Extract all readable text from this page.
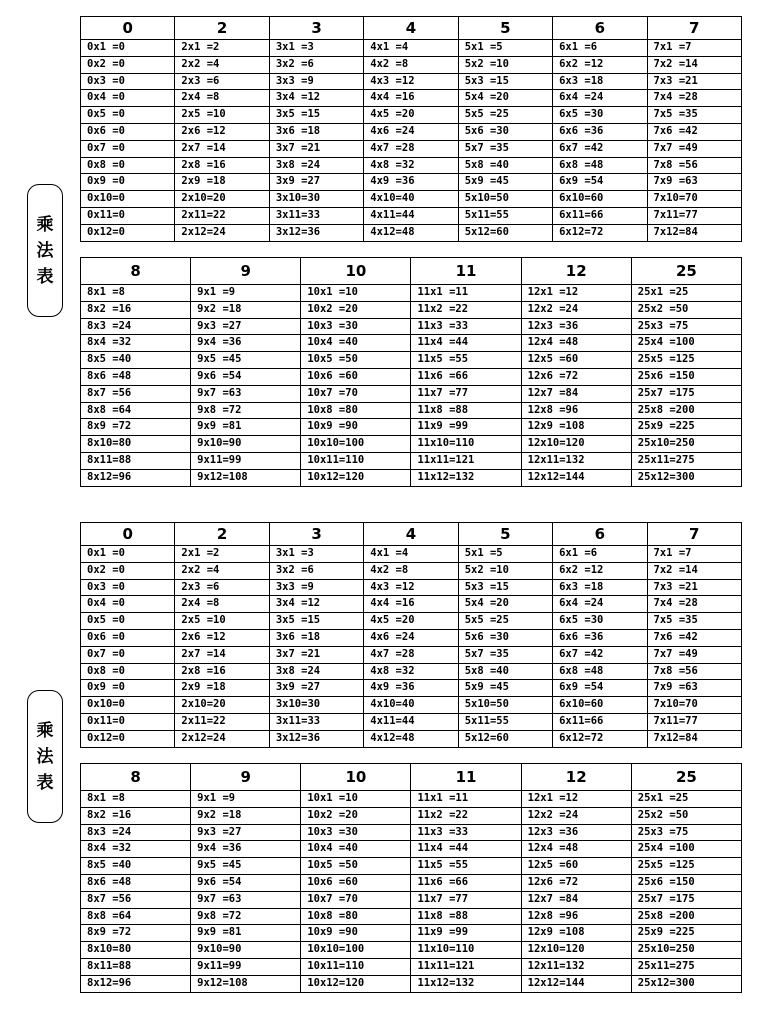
乘
法
表
0	2	3	4	5	6	7
0x1 =0	2x1 =2	3x1 =3	4x1 =4	5x1 =5	6x1 =6	7x1 =7
0x2 =0	2x2 =4	3x2 =6	4x2 =8	5x2 =10	6x2 =12	7x2 =14
0x3 =0	2x3 =6	3x3 =9	4x3 =12	5x3 =15	6x3 =18	7x3 =21
0x4 =0	2x4 =8	3x4 =12	4x4 =16	5x4 =20	6x4 =24	7x4 =28
0x5 =0	2x5 =10	3x5 =15	4x5 =20	5x5 =25	6x5 =30	7x5 =35
0x6 =0	2x6 =12	3x6 =18	4x6 =24	5x6 =30	6x6 =36	7x6 =42
0x7 =0	2x7 =14	3x7 =21	4x7 =28	5x7 =35	6x7 =42	7x7 =49
0x8 =0	2x8 =16	3x8 =24	4x8 =32	5x8 =40	6x8 =48	7x8 =56
0x9 =0	2x9 =18	3x9 =27	4x9 =36	5x9 =45	6x9 =54	7x9 =63
0x10=0	2x10=20	3x10=30	4x10=40	5x10=50	6x10=60	7x10=70
0x11=0	2x11=22	3x11=33	4x11=44	5x11=55	6x11=66	7x11=77
0x12=0	2x12=24	3x12=36	4x12=48	5x12=60	6x12=72	7x12=84
8	9	10	11	12	25
8x1 =8	9x1 =9	10x1 =10	11x1 =11	12x1 =12	25x1 =25
8x2 =16	9x2 =18	10x2 =20	11x2 =22	12x2 =24	25x2 =50
8x3 =24	9x3 =27	10x3 =30	11x3 =33	12x3 =36	25x3 =75
8x4 =32	9x4 =36	10x4 =40	11x4 =44	12x4 =48	25x4 =100
8x5 =40	9x5 =45	10x5 =50	11x5 =55	12x5 =60	25x5 =125
8x6 =48	9x6 =54	10x6 =60	11x6 =66	12x6 =72	25x6 =150
8x7 =56	9x7 =63	10x7 =70	11x7 =77	12x7 =84	25x7 =175
8x8 =64	9x8 =72	10x8 =80	11x8 =88	12x8 =96	25x8 =200
8x9 =72	9x9 =81	10x9 =90	11x9 =99	12x9 =108	25x9 =225
8x10=80	9x10=90	10x10=100	11x10=110	12x10=120	25x10=250
8x11=88	9x11=99	10x11=110	11x11=121	12x11=132	25x11=275
8x12=96	9x12=108	10x12=120	11x12=132	12x12=144	25x12=300
乘
法
表
0	2	3	4	5	6	7
0x1 =0	2x1 =2	3x1 =3	4x1 =4	5x1 =5	6x1 =6	7x1 =7
0x2 =0	2x2 =4	3x2 =6	4x2 =8	5x2 =10	6x2 =12	7x2 =14
0x3 =0	2x3 =6	3x3 =9	4x3 =12	5x3 =15	6x3 =18	7x3 =21
0x4 =0	2x4 =8	3x4 =12	4x4 =16	5x4 =20	6x4 =24	7x4 =28
0x5 =0	2x5 =10	3x5 =15	4x5 =20	5x5 =25	6x5 =30	7x5 =35
0x6 =0	2x6 =12	3x6 =18	4x6 =24	5x6 =30	6x6 =36	7x6 =42
0x7 =0	2x7 =14	3x7 =21	4x7 =28	5x7 =35	6x7 =42	7x7 =49
0x8 =0	2x8 =16	3x8 =24	4x8 =32	5x8 =40	6x8 =48	7x8 =56
0x9 =0	2x9 =18	3x9 =27	4x9 =36	5x9 =45	6x9 =54	7x9 =63
0x10=0	2x10=20	3x10=30	4x10=40	5x10=50	6x10=60	7x10=70
0x11=0	2x11=22	3x11=33	4x11=44	5x11=55	6x11=66	7x11=77
0x12=0	2x12=24	3x12=36	4x12=48	5x12=60	6x12=72	7x12=84
8	9	10	11	12	25
8x1 =8	9x1 =9	10x1 =10	11x1 =11	12x1 =12	25x1 =25
8x2 =16	9x2 =18	10x2 =20	11x2 =22	12x2 =24	25x2 =50
8x3 =24	9x3 =27	10x3 =30	11x3 =33	12x3 =36	25x3 =75
8x4 =32	9x4 =36	10x4 =40	11x4 =44	12x4 =48	25x4 =100
8x5 =40	9x5 =45	10x5 =50	11x5 =55	12x5 =60	25x5 =125
8x6 =48	9x6 =54	10x6 =60	11x6 =66	12x6 =72	25x6 =150
8x7 =56	9x7 =63	10x7 =70	11x7 =77	12x7 =84	25x7 =175
8x8 =64	9x8 =72	10x8 =80	11x8 =88	12x8 =96	25x8 =200
8x9 =72	9x9 =81	10x9 =90	11x9 =99	12x9 =108	25x9 =225
8x10=80	9x10=90	10x10=100	11x10=110	12x10=120	25x10=250
8x11=88	9x11=99	10x11=110	11x11=121	12x11=132	25x11=275
8x12=96	9x12=108	10x12=120	11x12=132	12x12=144	25x12=300
